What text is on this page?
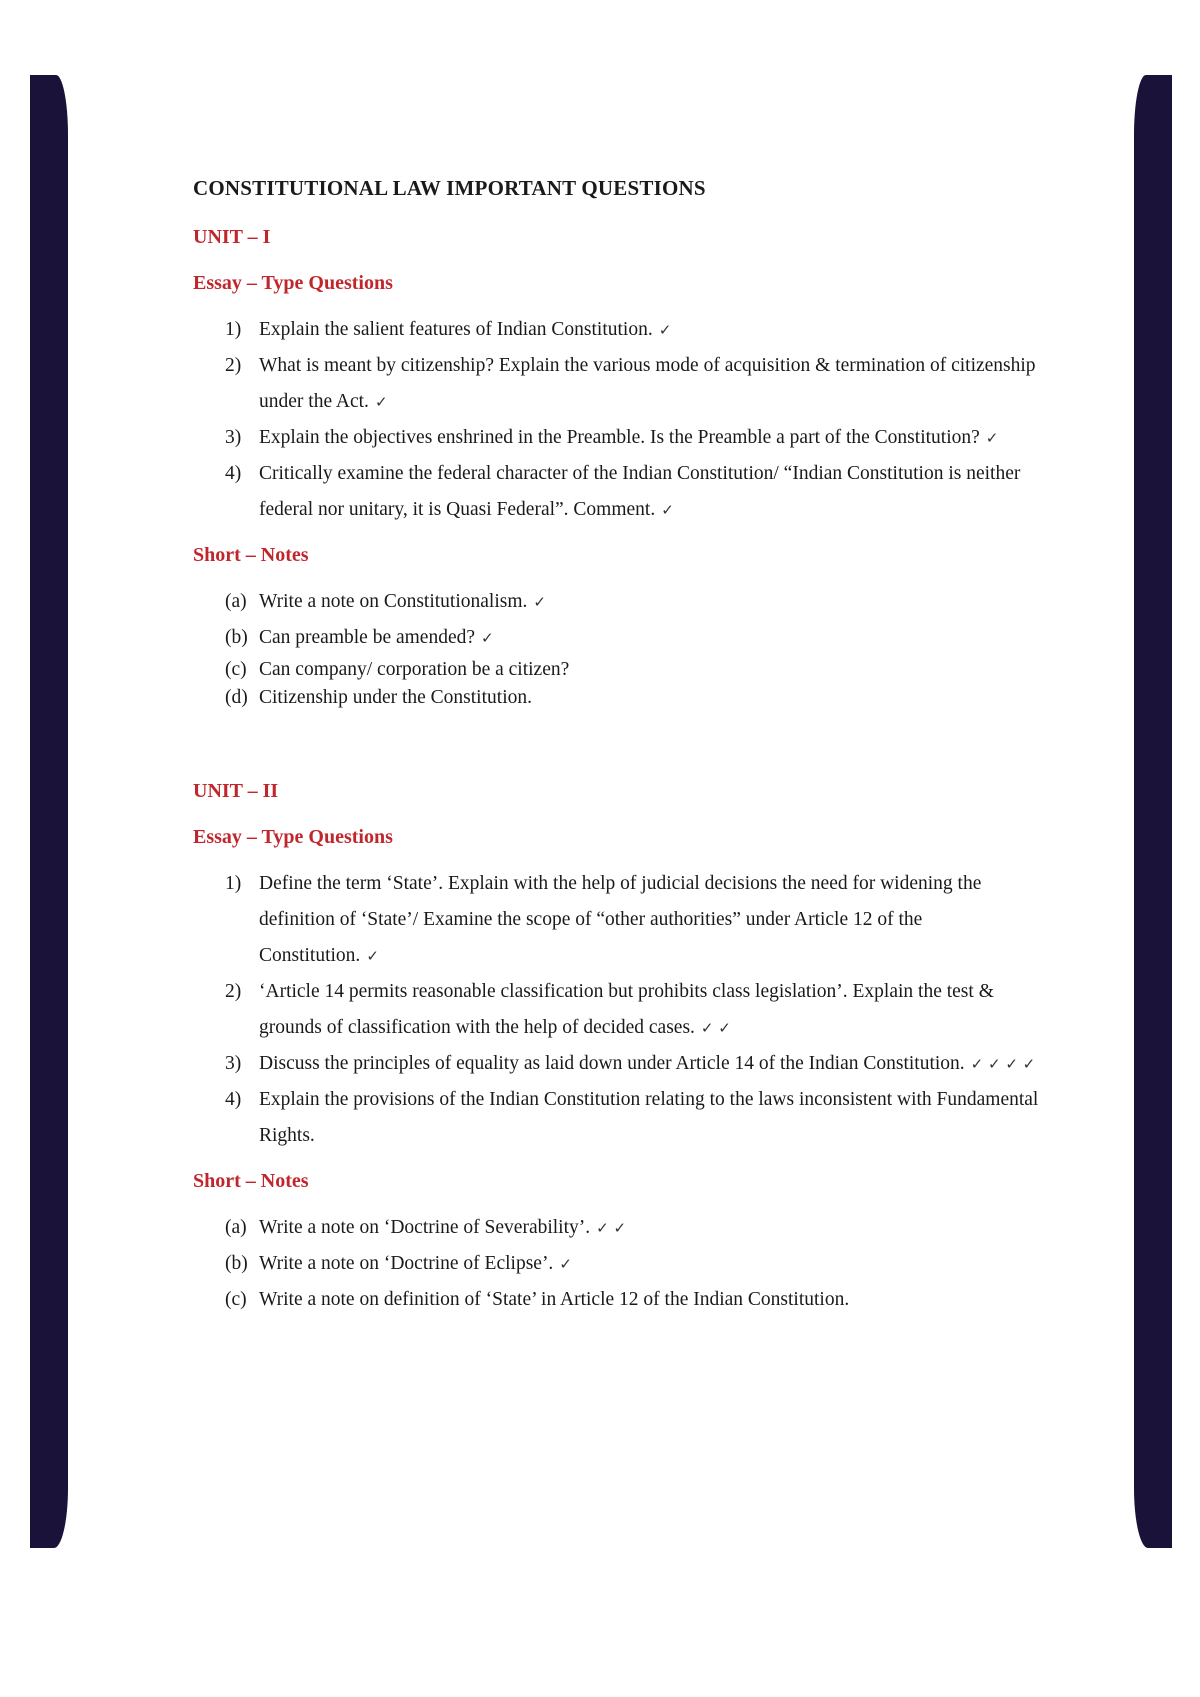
CONSTITUTIONAL LAW IMPORTANT QUESTIONS
UNIT – I
Essay – Type Questions
1) Explain the salient features of Indian Constitution. ✓
2) What is meant by citizenship? Explain the various mode of acquisition & termination of citizenship under the Act. ✓
3) Explain the objectives enshrined in the Preamble. Is the Preamble a part of the Constitution? ✓
4) Critically examine the federal character of the Indian Constitution/ “Indian Constitution is neither federal nor unitary, it is Quasi Federal”. Comment. ✓
Short – Notes
(a) Write a note on Constitutionalism. ✓
(b) Can preamble be amended? ✓
(c) Can company/ corporation be a citizen?
(d) Citizenship under the Constitution.
UNIT – II
Essay – Type Questions
1) Define the term ‘State’. Explain with the help of judicial decisions the need for widening the definition of ‘State’/ Examine the scope of “other authorities” under Article 12 of the Constitution. ✓
2) ‘Article 14 permits reasonable classification but prohibits class legislation’. Explain the test & grounds of classification with the help of decided cases. ✓ ✓
3) Discuss the principles of equality as laid down under Article 14 of the Indian Constitution. ✓ ✓ ✓ ✓
4) Explain the provisions of the Indian Constitution relating to the laws inconsistent with Fundamental Rights.
Short – Notes
(a) Write a note on ‘Doctrine of Severability’. ✓ ✓
(b) Write a note on ‘Doctrine of Eclipse’. ✓
(c) Write a note on definition of ‘State’ in Article 12 of the Indian Constitution.
